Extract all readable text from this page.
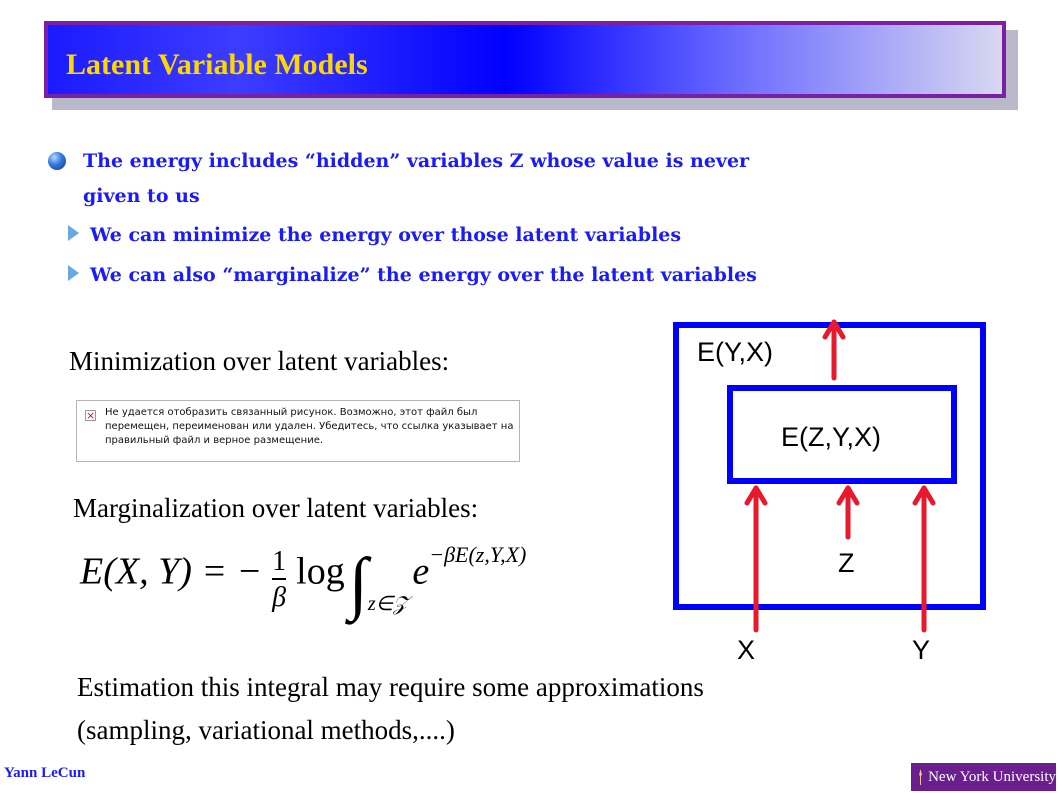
Latent Variable Models
The energy includes “hidden” variables Z whose value is never
given to us
We can minimize the energy over those latent variables
We can also “marginalize” the energy over the latent variables
Minimization over latent variables:
× Не удается отобразить связанный рисунок. Возможно, этот файл был перемещен, переименован или удален. Убедитесь, что ссылка указывает на правильный файл и верное размещение.
Marginalization over latent variables:
E(X, Y) = − $\frac{1}{\beta}$ log ∫z∈𝒵 e−βE(z,Y,X)
Estimation this integral may require some approximations
(sampling, variational methods,....)
E(Y,X)
E(Z,Y,X)
Z
X	Y
Yann LeCun	New York University
